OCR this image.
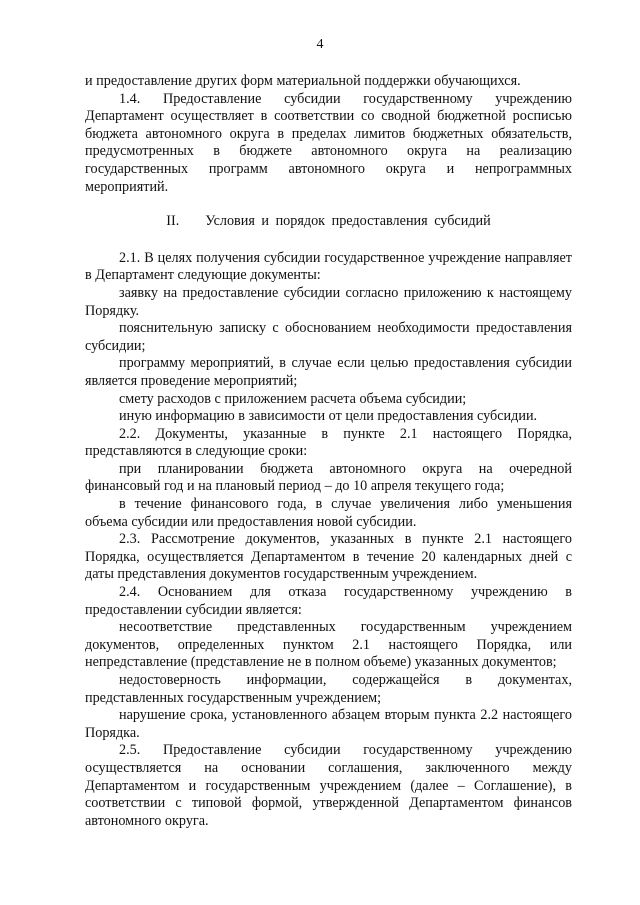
4

и предоставление других форм материальной поддержки обучающихся.

1.4. Предоставление субсидии государственному учреждению Департамент осуществляет в соответствии со сводной бюджетной росписью бюджета автономного округа в пределах лимитов бюджетных обязательств, предусмотренных в бюджете автономного округа на реализацию государственных программ автономного округа и непрограммных мероприятий.

II. Условия и порядок предоставления субсидий

2.1. В целях получения субсидии государственное учреждение направляет в Департамент следующие документы:

заявку на предоставление субсидии согласно приложению к настоящему Порядку.

пояснительную записку с обоснованием необходимости предоставления субсидии;

программу мероприятий, в случае если целью предоставления субсидии является проведение мероприятий;

смету расходов с приложением расчета объема субсидии;

иную информацию в зависимости от цели предоставления субсидии.

2.2. Документы, указанные в пункте 2.1 настоящего Порядка, представляются в следующие сроки:

при планировании бюджета автономного округа на очередной финансовый год и на плановый период – до 10 апреля текущего года;

в течение финансового года, в случае увеличения либо уменьшения объема субсидии или предоставления новой субсидии.

2.3. Рассмотрение документов, указанных в пункте 2.1 настоящего Порядка, осуществляется Департаментом в течение 20 календарных дней с даты представления документов государственным учреждением.

2.4. Основанием для отказа государственному учреждению в предоставлении субсидии является:

несоответствие представленных государственным учреждением документов, определенных пунктом 2.1 настоящего Порядка, или непредставление (представление не в полном объеме) указанных документов;

недостоверность информации, содержащейся в документах, представленных государственным учреждением;

нарушение срока, установленного абзацем вторым пункта 2.2 настоящего Порядка.

2.5. Предоставление субсидии государственному учреждению осуществляется на основании соглашения, заключенного между Департаментом и государственным учреждением (далее – Соглашение), в соответствии с типовой формой, утвержденной Департаментом финансов автономного округа.
